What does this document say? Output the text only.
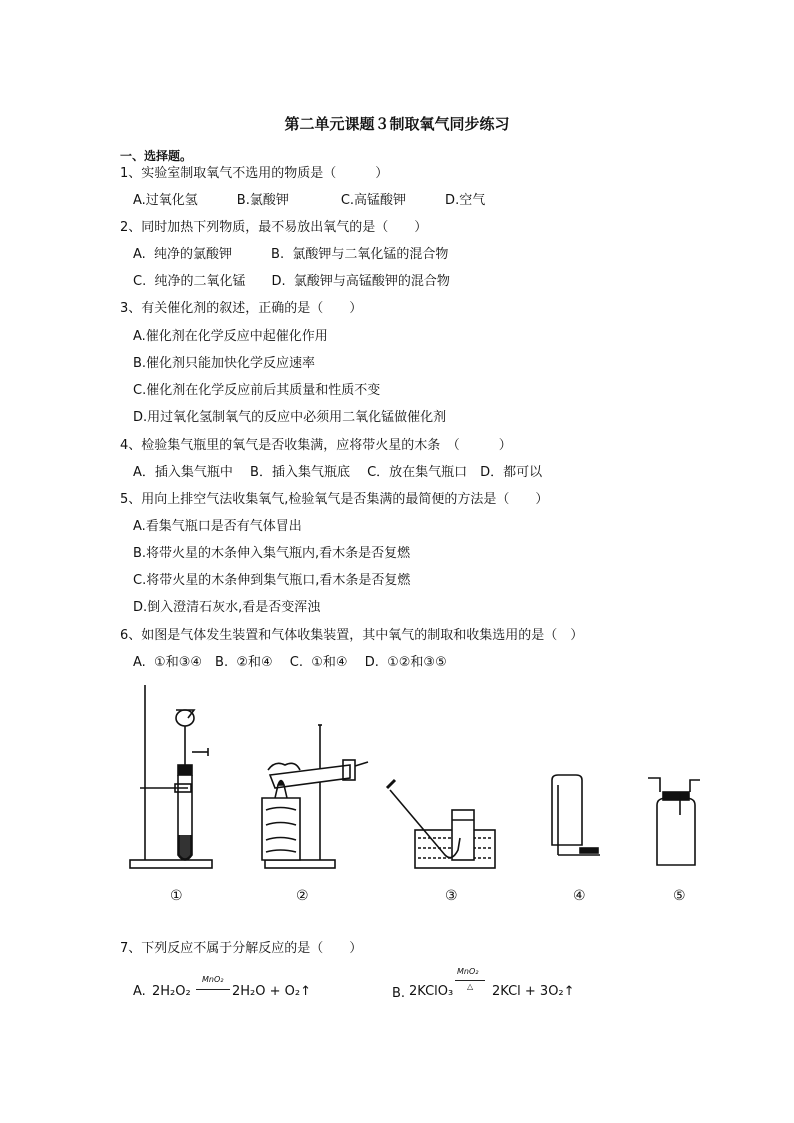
第二单元课题３制取氧气同步练习
一、选择题。
1、实验室制取氧气不选用的物质是（　　　）
A.过氧化氢　　　B.氯酸钾　　　　C.高锰酸钾　　　D.空气
2、同时加热下列物质，最不易放出氧气的是（　　）
A.  纯净的氯酸钾　　　B.  氯酸钾与二氧化锰的混合物
C.  纯净的二氧化锰　　D.  氯酸钾与高锰酸钾的混合物
3、有关催化剂的叙述，正确的是（　　）
A.催化剂在化学反应中起催化作用
B.催化剂只能加快化学反应速率
C.催化剂在化学反应前后其质量和性质不变
D.用过氧化氢制氧气的反应中必须用二氧化锰做催化剂
4、检验集气瓶里的氧气是否收集满，应将带火星的木条　（　　　）
A．插入集气瓶中　 B．插入集气瓶底　 C．放在集气瓶口　D．都可以
5、用向上排空气法收集氧气,检验氧气是否集满的最简便的方法是（　　）
A.看集气瓶口是否有气体冒出
B.将带火星的木条伸入集气瓶内,看木条是否复燃
C.将带火星的木条伸到集气瓶口,看木条是否复燃
D.倒入澄清石灰水,看是否变浑浊
6、如图是气体发生装置和气体收集装置，其中氧气的制取和收集选用的是（　）
A.  ①和③④　B.  ②和④　 C.  ①和④　 D.  ①②和③⑤
①	②	③	④	⑤
7、下列反应不属于分解反应的是（　　）
A. 2H₂O₂
MnO₂
2H₂O + O₂↑	B. 2KClO₃
MnO₂
△ 2KCl + 3O₂↑
